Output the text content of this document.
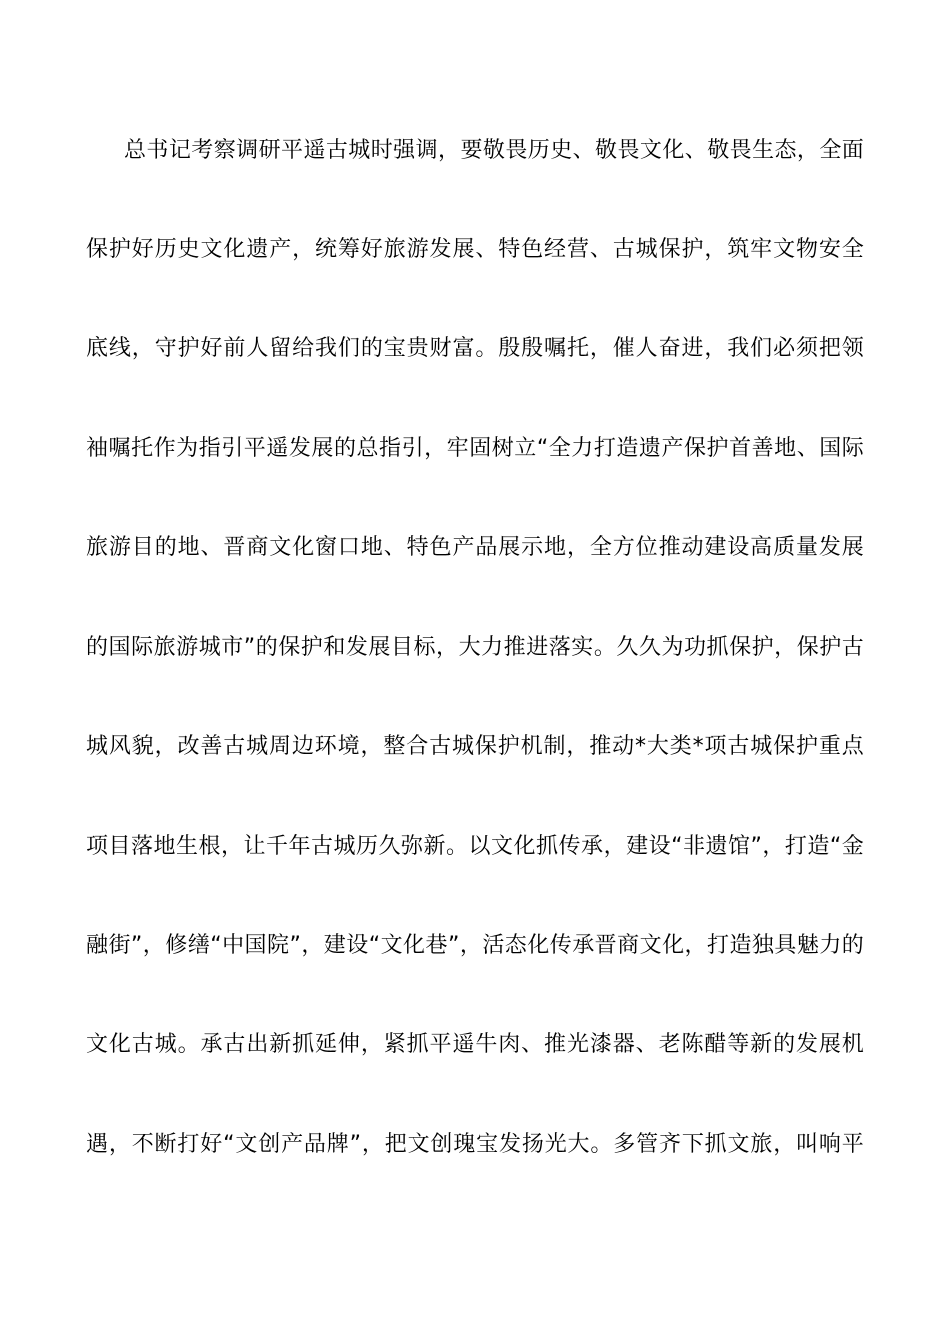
总书记考察调研平遥古城时强调，要敬畏历史、敬畏文化、敬畏生态，全面
保护好历史文化遗产，统筹好旅游发展、特色经营、古城保护，筑牢文物安全
底线，守护好前人留给我们的宝贵财富。殷殷嘱托，催人奋进，我们必须把领
袖嘱托作为指引平遥发展的总指引，牢固树立“全力打造遗产保护首善地、国际
旅游目的地、晋商文化窗口地、特色产品展示地，全方位推动建设高质量发展
的国际旅游城市”的保护和发展目标，大力推进落实。久久为功抓保护，保护古
城风貌，改善古城周边环境，整合古城保护机制，推动*大类*项古城保护重点
项目落地生根，让千年古城历久弥新。以文化抓传承，建设“非遗馆”，打造“金
融街”，修缮“中国院”，建设“文化巷”，活态化传承晋商文化，打造独具魅力的
文化古城。承古出新抓延伸，紧抓平遥牛肉、推光漆器、老陈醋等新的发展机
遇，不断打好“文创产品牌”，把文创瑰宝发扬光大。多管齐下抓文旅，叫响平
